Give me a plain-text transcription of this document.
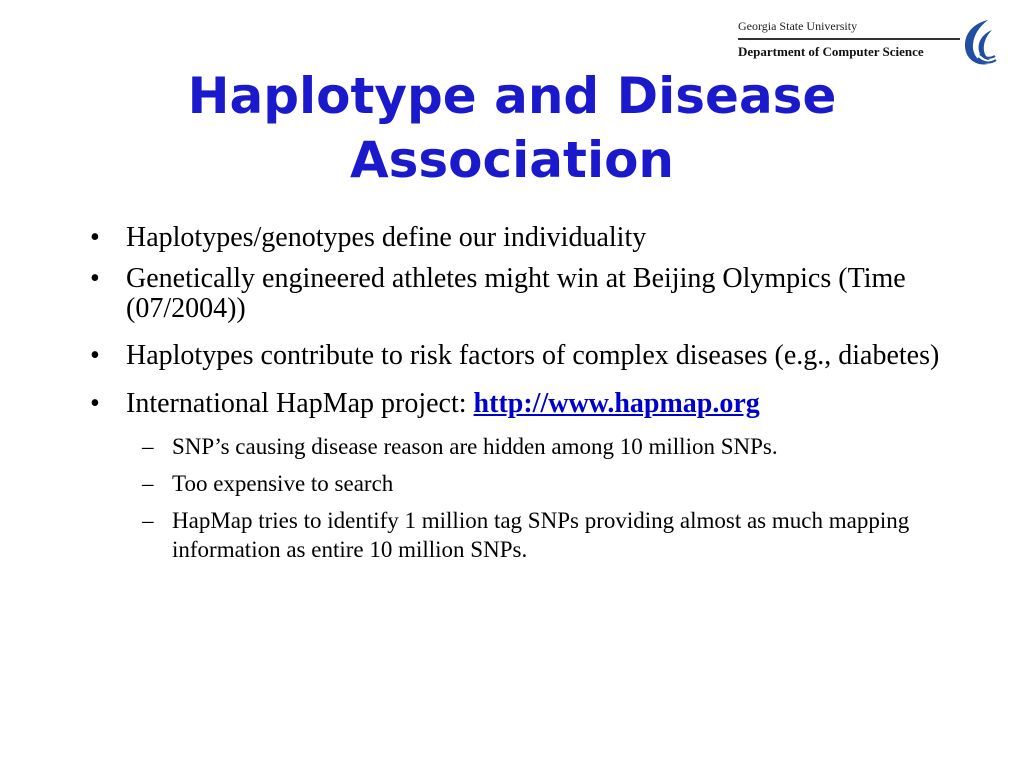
Georgia State University
Department of Computer Science
Haplotype and Disease
Association

• Haplotypes/genotypes define our individuality

• Genetically engineered athletes might win at Beijing Olympics (Time (07/2004))

• Haplotypes contribute to risk factors of complex diseases (e.g., diabetes)

• International HapMap project: http://www.hapmap.org

– SNP’s causing disease reason are hidden among 10 million SNPs.

– Too expensive to search

– HapMap tries to identify 1 million tag SNPs providing almost as much mapping information as entire 10 million SNPs.
